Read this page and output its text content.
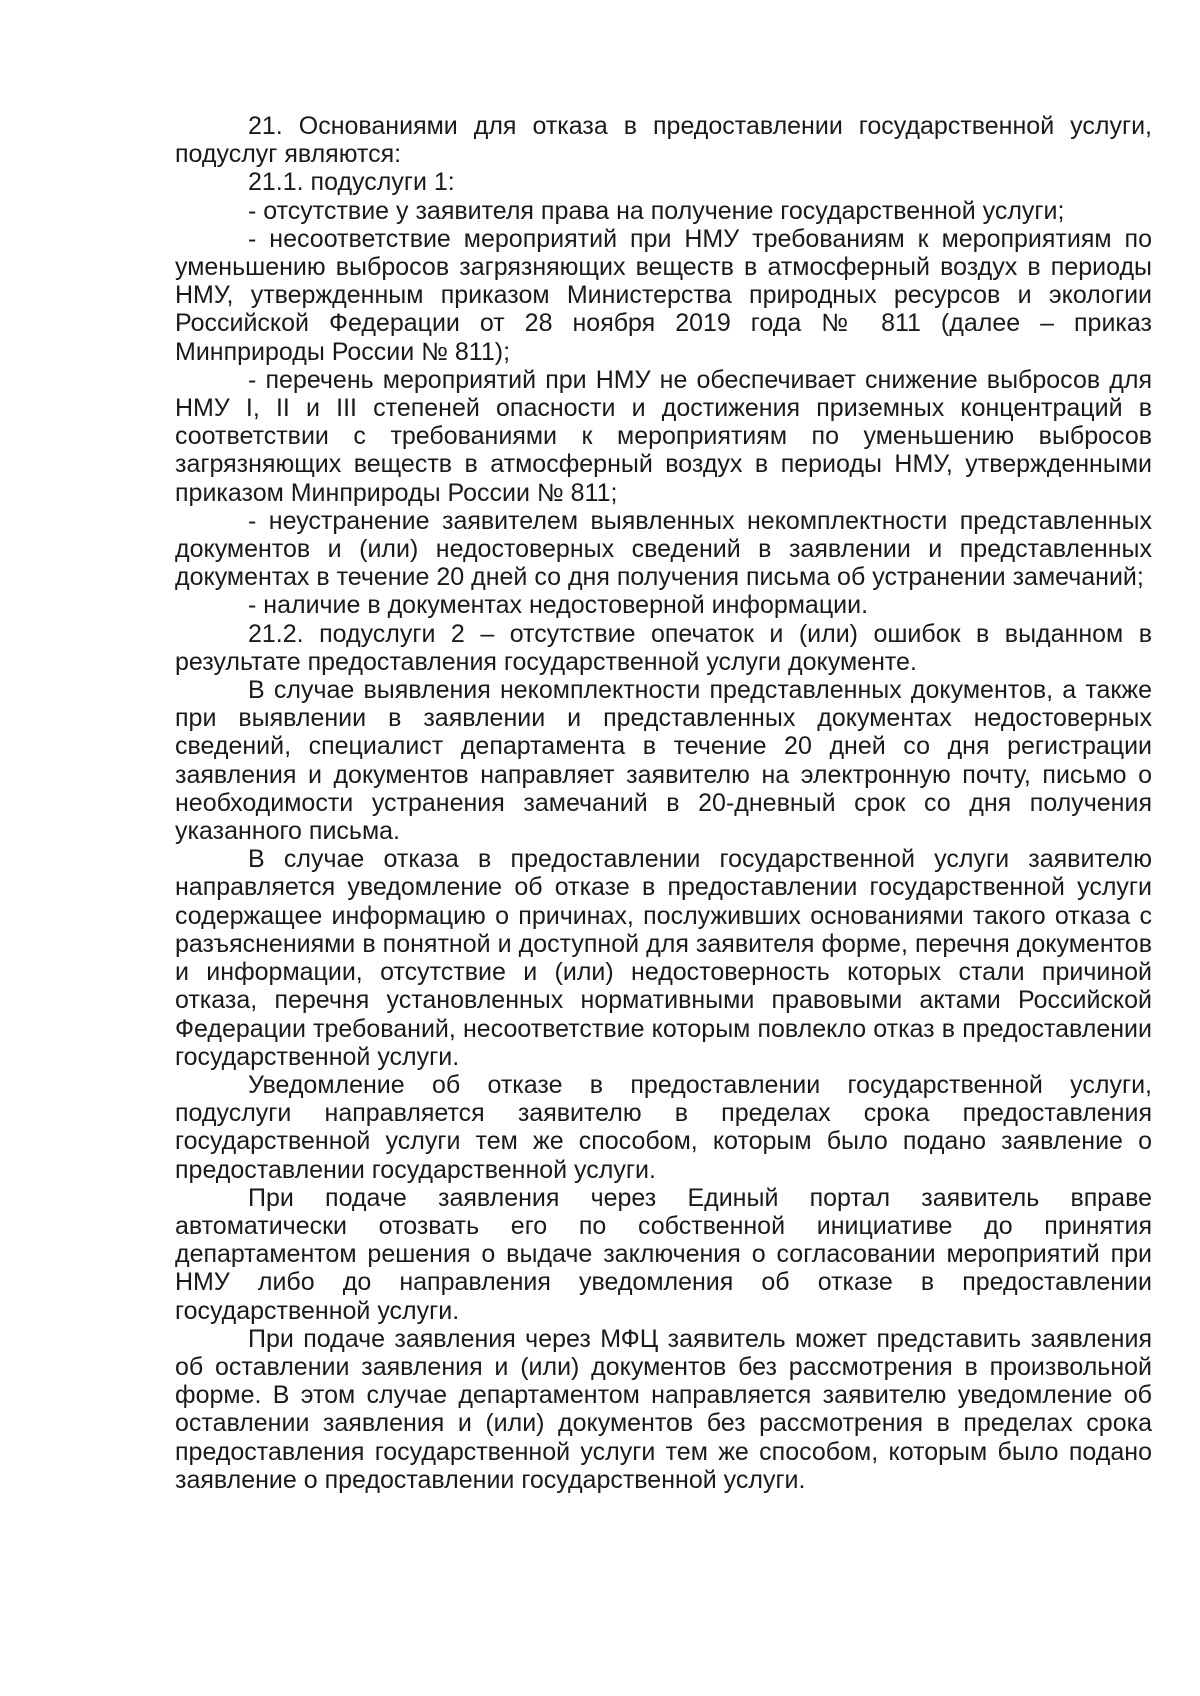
21. Основаниями для отказа в предоставлении государственной услуги, подуслуг являются:

21.1. подуслуги 1:

- отсутствие у заявителя права на получение государственной услуги;

- несоответствие мероприятий при НМУ требованиям к мероприятиям по уменьшению выбросов загрязняющих веществ в атмосферный воздух в периоды НМУ, утвержденным приказом Министерства природных ресурсов и экологии Российской Федерации от 28 ноября 2019 года № 811 (далее – приказ Минприроды России № 811);

- перечень мероприятий при НМУ не обеспечивает снижение выбросов для НМУ I, II и III степеней опасности и достижения приземных концентраций в соответствии с требованиями к мероприятиям по уменьшению выбросов загрязняющих веществ в атмосферный воздух в периоды НМУ, утвержденными приказом Минприроды России № 811;

- неустранение заявителем выявленных некомплектности представленных документов и (или) недостоверных сведений в заявлении и представленных документах в течение 20 дней со дня получения письма об устранении замечаний;

- наличие в документах недостоверной информации.

21.2. подуслуги 2 – отсутствие опечаток и (или) ошибок в выданном в результате предоставления государственной услуги документе.

В случае выявления некомплектности представленных документов, а также при выявлении в заявлении и представленных документах недостоверных сведений, специалист департамента в течение 20 дней со дня регистрации заявления и документов направляет заявителю на электронную почту, письмо о необходимости устранения замечаний в 20-дневный срок со дня получения указанного письма.

В случае отказа в предоставлении государственной услуги заявителю направляется уведомление об отказе в предоставлении государственной услуги содержащее информацию о причинах, послуживших основаниями такого отказа с разъяснениями в понятной и доступной для заявителя форме, перечня документов и информации, отсутствие и (или) недостоверность которых стали причиной отказа, перечня установленных нормативными правовыми актами Российской Федерации требований, несоответствие которым повлекло отказ в предоставлении государственной услуги.

Уведомление об отказе в предоставлении государственной услуги, подуслуги направляется заявителю в пределах срока предоставления государственной услуги тем же способом, которым было подано заявление о предоставлении государственной услуги.

При подаче заявления через Единый портал заявитель вправе автоматически отозвать его по собственной инициативе до принятия департаментом решения о выдаче заключения о согласовании мероприятий при НМУ либо до направления уведомления об отказе в предоставлении государственной услуги.

При подаче заявления через МФЦ заявитель может представить заявления об оставлении заявления и (или) документов без рассмотрения в произвольной форме. В этом случае департаментом направляется заявителю уведомление об оставлении заявления и (или) документов без рассмотрения в пределах срока предоставления государственной услуги тем же способом, которым было подано заявление о предоставлении государственной услуги.
